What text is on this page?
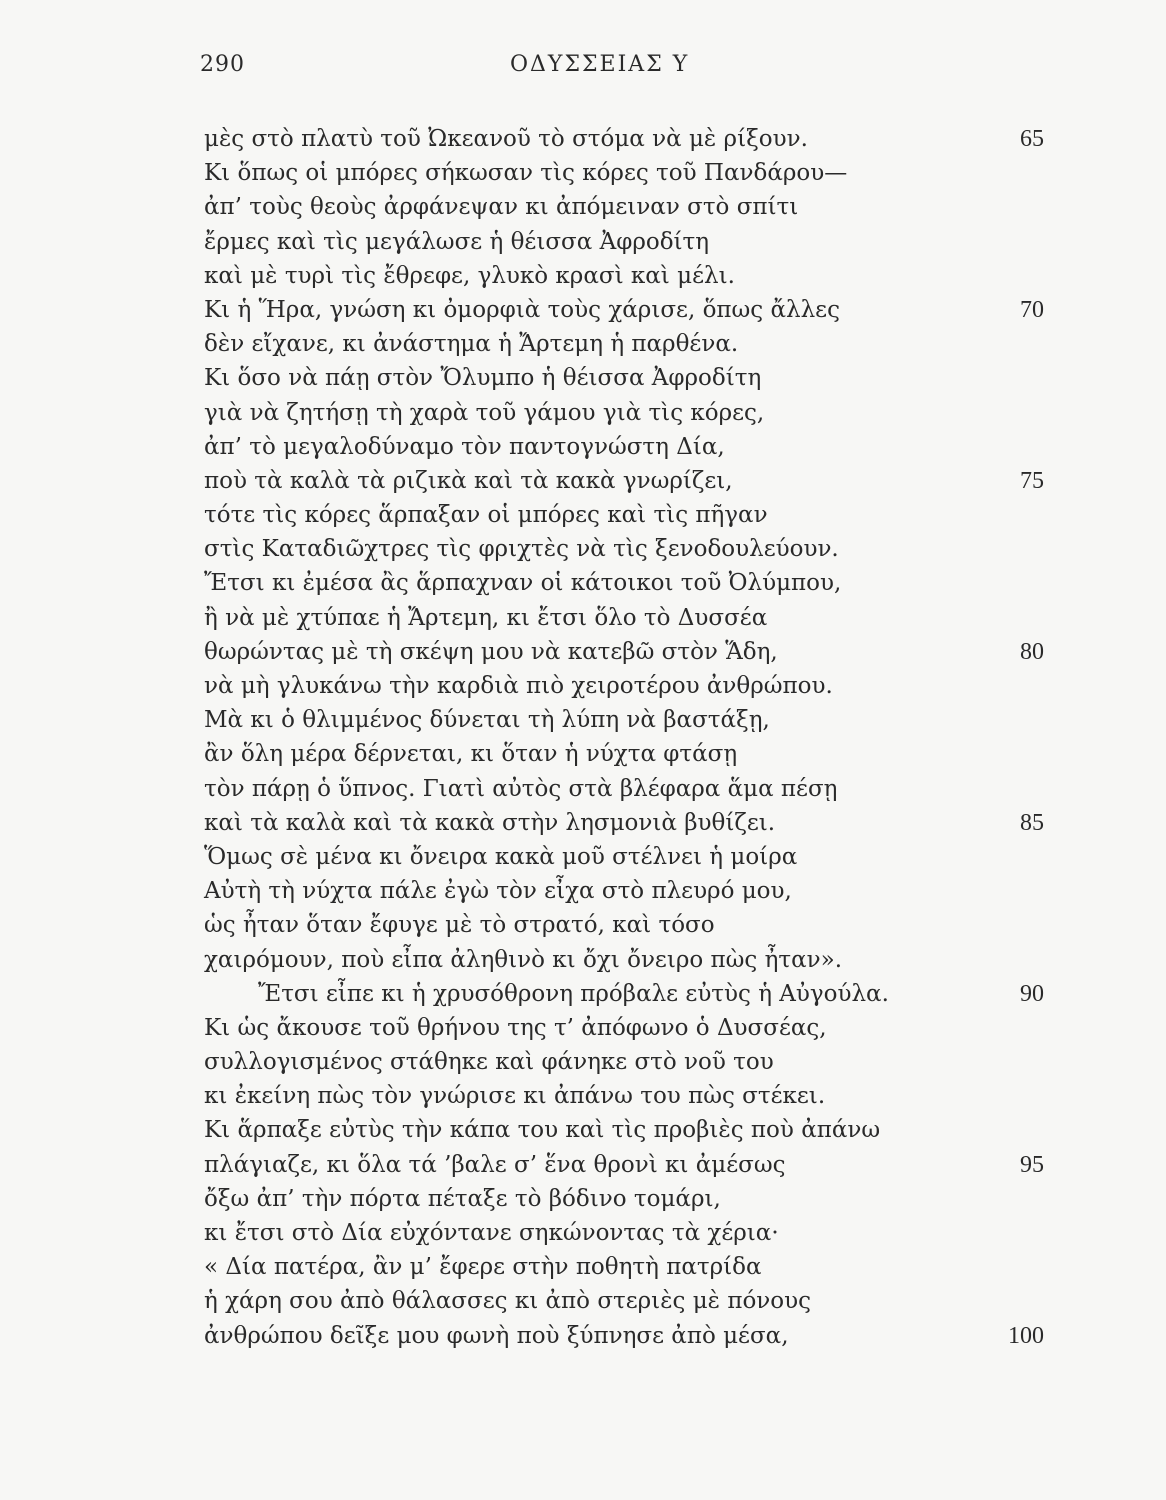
290	ΟΔΥΣΣΕΙΑΣ Υ
μὲς στὸ πλατὺ τοῦ Ὠκεανοῦ τὸ στόμα νὰ μὲ ρίξουν.	65
Κι ὅπως οἱ μπόρες σήκωσαν τὶς κόρες τοῦ Πανδάρου—
ἀπ’ τοὺς θεοὺς ἀρφάνεψαν κι ἀπόμειναν στὸ σπίτι
ἔρμες καὶ τὶς μεγάλωσε ἡ θέισσα Ἀφροδίτη
καὶ μὲ τυρὶ τὶς ἔθρεφε, γλυκὸ κρασὶ καὶ μέλι.
Κι ἡ Ἥρα, γνώση κι ὀμορφιὰ τοὺς χάρισε, ὅπως ἄλλες	70
δὲν εἴχανε, κι ἀνάστημα ἡ Ἄρτεμη ἡ παρθένα.
Κι ὅσο νὰ πάῃ στὸν Ὄλυμπο ἡ θέισσα Ἀφροδίτη
γιὰ νὰ ζητήσῃ τὴ χαρὰ τοῦ γάμου γιὰ τὶς κόρες,
ἀπ’ τὸ μεγαλοδύναμο τὸν παντογνώστη Δία,
ποὺ τὰ καλὰ τὰ ριζικὰ καὶ τὰ κακὰ γνωρίζει,	75
τότε τὶς κόρες ἅρπαξαν οἱ μπόρες καὶ τὶς πῆγαν
στὶς Καταδιῶχτρες τὶς φριχτὲς νὰ τὶς ξενοδουλεύουν.
Ἔτσι κι ἐμέσα ἂς ἅρπαχναν οἱ κάτοικοι τοῦ Ὀλύμπου,
ἢ νὰ μὲ χτύπαε ἡ Ἄρτεμη, κι ἔτσι ὅλο τὸ Δυσσέα
θωρώντας μὲ τὴ σκέψη μου νὰ κατεβῶ στὸν Ἅδη,	80
νὰ μὴ γλυκάνω τὴν καρδιὰ πιὸ χειροτέρου ἀνθρώπου.
Μὰ κι ὁ θλιμμένος δύνεται τὴ λύπη νὰ βαστάξῃ,
ἂν ὅλη μέρα δέρνεται, κι ὅταν ἡ νύχτα φτάσῃ
τὸν πάρῃ ὁ ὕπνος. Γιατὶ αὐτὸς στὰ βλέφαρα ἅμα πέσῃ
καὶ τὰ καλὰ καὶ τὰ κακὰ στὴν λησμονιὰ βυθίζει.	85
Ὅμως σὲ μένα κι ὄνειρα κακὰ μοῦ στέλνει ἡ μοίρα
Αὐτὴ τὴ νύχτα πάλε ἐγὼ τὸν εἶχα στὸ πλευρό μου,
ὡς ἦταν ὅταν ἔφυγε μὲ τὸ στρατό, καὶ τόσο
χαιρόμουν, ποὺ εἶπα ἀληθινὸ κι ὄχι ὄνειρο πὼς ἦταν».
Ἔτσι εἶπε κι ἡ χρυσόθρονη πρόβαλε εὐτὺς ἡ Αὐγούλα.	90
Κι ὡς ἄκουσε τοῦ θρήνου της τ’ ἀπόφωνο ὁ Δυσσέας,
συλλογισμένος στάθηκε καὶ φάνηκε στὸ νοῦ του
κι ἐκείνη πὼς τὸν γνώρισε κι ἀπάνω του πὼς στέκει.
Κι ἅρπαξε εὐτὺς τὴν κάπα του καὶ τὶς προβιὲς ποὺ ἀπάνω
πλάγιαζε, κι ὅλα τά ’βαλε σ’ ἕνα θρονὶ κι ἀμέσως	95
ὄξω ἀπ’ τὴν πόρτα πέταξε τὸ βόδινο τομάρι,
κι ἔτσι στὸ Δία εὐχόντανε σηκώνοντας τὰ χέρια·
« Δία πατέρα, ἂν μ’ ἔφερε στὴν ποθητὴ πατρίδα
ἡ χάρη σου ἀπὸ θάλασσες κι ἀπὸ στεριὲς μὲ πόνους
ἀνθρώπου δεῖξε μου φωνὴ ποὺ ξύπνησε ἀπὸ μέσα,	100
